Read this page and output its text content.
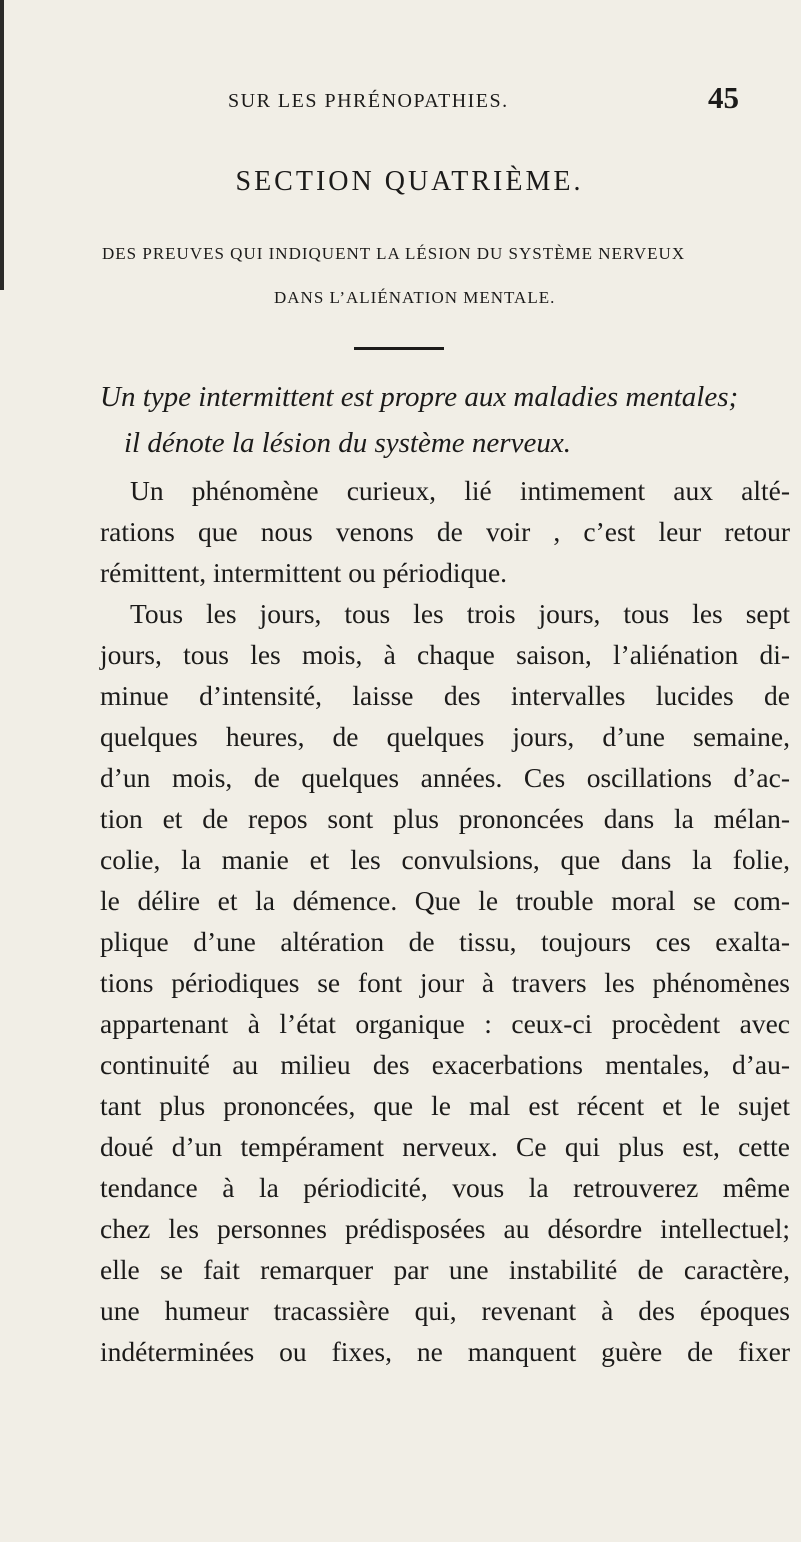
SUR LES PHRÉNOPATHIES.	45
SECTION QUATRIÈME.
DES PREUVES QUI INDIQUENT LA LÉSION DU SYSTÈME NERVEUX
DANS L’ALIÉNATION MENTALE.
Un type intermittent est propre aux maladies mentales;
il dénote la lésion du système nerveux.
Un phénomène curieux, lié intimement aux alté-
rations que nous venons de voir , c’est leur retour
rémittent, intermittent ou périodique.
Tous les jours, tous les trois jours, tous les sept
jours, tous les mois, à chaque saison, l’aliénation di-
minue d’intensité, laisse des intervalles lucides de
quelques heures, de quelques jours, d’une semaine,
d’un mois, de quelques années. Ces oscillations d’ac-
tion et de repos sont plus prononcées dans la mélan-
colie, la manie et les convulsions, que dans la folie,
le délire et la démence. Que le trouble moral se com-
plique d’une altération de tissu, toujours ces exalta-
tions périodiques se font jour à travers les phénomènes
appartenant à l’état organique : ceux-ci procèdent avec
continuité au milieu des exacerbations mentales, d’au-
tant plus prononcées, que le mal est récent et le sujet
doué d’un tempérament nerveux. Ce qui plus est, cette
tendance à la périodicité, vous la retrouverez même
chez les personnes prédisposées au désordre intellectuel;
elle se fait remarquer par une instabilité de caractère,
une humeur tracassière qui, revenant à des époques
indéterminées ou fixes, ne manquent guère de fixer
